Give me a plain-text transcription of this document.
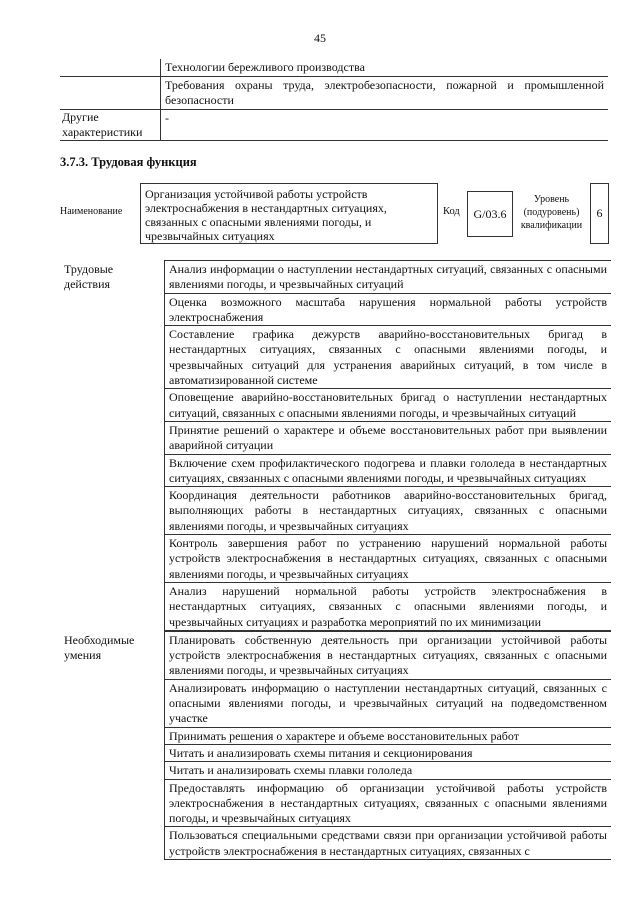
45
Технологии бережливого производства
Требования охраны труда, электробезопасности, пожарной и промышленной безопасности
Другие характеристики
-
3.7.3. Трудовая функция
Наименование
Организация устойчивой работы устройств электроснабжения в нестандартных ситуациях, связанных с опасными явлениями погоды, и чрезвычайных ситуациях
Код G/03.6
Уровень (подуровень) квалификации
6
Трудовые действия
Анализ информации о наступлении нестандартных ситуаций, связанных с опасными явлениями погоды, и чрезвычайных ситуаций
Оценка возможного масштаба нарушения нормальной работы устройств электроснабжения
Составление графика дежурств аварийно-восстановительных бригад в нестандартных ситуациях, связанных с опасными явлениями погоды, и чрезвычайных ситуаций для устранения аварийных ситуаций, в том числе в автоматизированной системе
Оповещение аварийно-восстановительных бригад о наступлении нестандартных ситуаций, связанных с опасными явлениями погоды, и чрезвычайных ситуаций
Принятие решений о характере и объеме восстановительных работ при выявлении аварийной ситуации
Включение схем профилактического подогрева и плавки гололеда в нестандартных ситуациях, связанных с опасными явлениями погоды, и чрезвычайных ситуациях
Координация деятельности работников аварийно-восстановительных бригад, выполняющих работы в нестандартных ситуациях, связанных с опасными явлениями погоды, и чрезвычайных ситуациях
Контроль завершения работ по устранению нарушений нормальной работы устройств электроснабжения в нестандартных ситуациях, связанных с опасными явлениями погоды, и чрезвычайных ситуациях
Анализ нарушений нормальной работы устройств электроснабжения в нестандартных ситуациях, связанных с опасными явлениями погоды, и чрезвычайных ситуациях и разработка мероприятий по их минимизации
Необходимые умения
Планировать собственную деятельность при организации устойчивой работы устройств электроснабжения в нестандартных ситуациях, связанных с опасными явлениями погоды, и чрезвычайных ситуациях
Анализировать информацию о наступлении нестандартных ситуаций, связанных с опасными явлениями погоды, и чрезвычайных ситуаций на подведомственном участке
Принимать решения о характере и объеме восстановительных работ
Читать и анализировать схемы питания и секционирования
Читать и анализировать схемы плавки гололеда
Предоставлять информацию об организации устойчивой работы устройств электроснабжения в нестандартных ситуациях, связанных с опасными явлениями погоды, и чрезвычайных ситуациях
Пользоваться специальными средствами связи при организации устойчивой работы устройств электроснабжения в нестандартных ситуациях, связанных с
